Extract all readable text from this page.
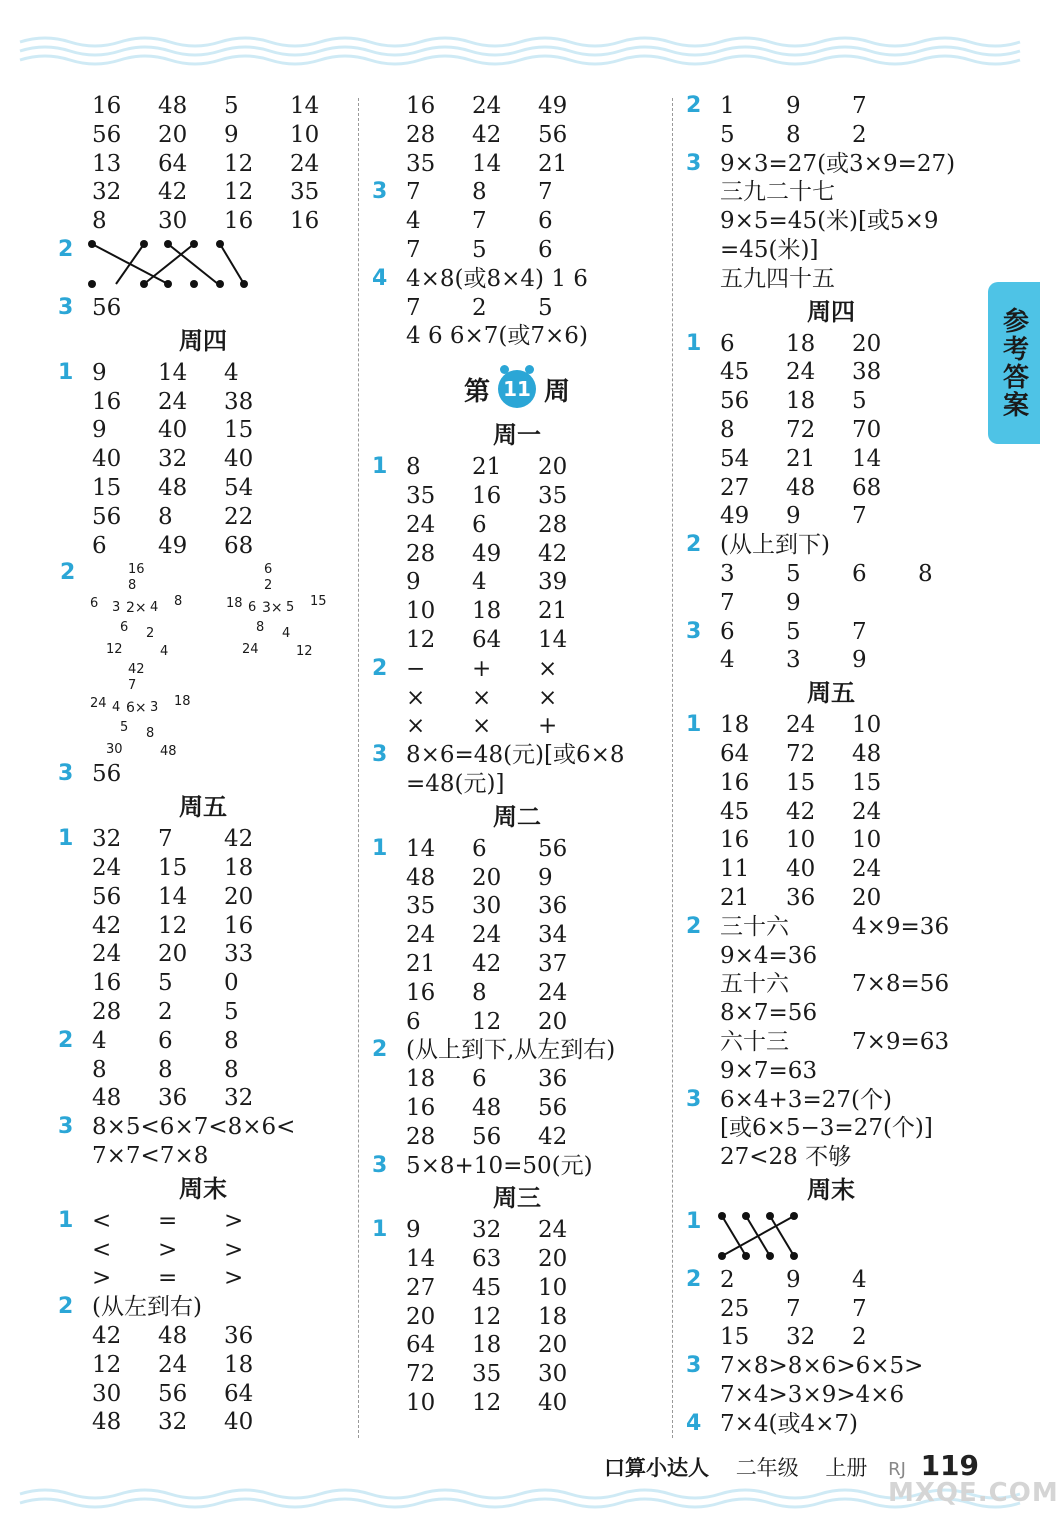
16 48 5 14
56 20 9 10
13 64 12 24
32 42 12 35
8 30 16 16
2
3 56
周四
1 9 14 4
16 24 38
9 40 15
40 32 40
15 48 54
56 8 22
6 49 68
2
2×
16
8
6 3 4 8
6 2
12	4
3×
6
2
18 6 5 15
8 4
24	12
6×
42
7
24 4 3 18
5 8
30	48
3 56
周五
1 32 7 42
24 15 18
56 14 20
42 12 16
24 20 33
16 5 0
28 2 5
2 4 6 8
8 8 8
48 36 32
3 8×5<6×7<8×6<
7×7<7×8
周末
1 < = >
< > >
> = >
2 (从左到右)
42 48 36
12 24 18
30 56 64
48 32 40
16 24 49
28 42 56
35 14 21
3 7 8 7
4 7 6
7 5 6
4 4×8(或8×4) 1 6
7 2 5
4 6 6×7(或7×6)
第 11 周
周一
1 8 21 20
35 16 35
24 6 28
28 49 42
9 4 39
10 18 21
12 64 14
2 − + ×
× × ×
× × +
3 8×6=48(元)[或6×8
=48(元)]
周二
1 14 6 56
48 20 9
35 30 36
24 24 34
21 42 37
16 8 24
6 12 20
2 (从上到下,从左到右)
18 6 36
16 48 56
28 56 42
3 5×8+10=50(元)
周三
1 9 32 24
14 63 20
27 45 10
20 12 18
64 18 20
72 35 30
10 12 40
2 1 9 7
5 8 2
3 9×3=27(或3×9=27)
三九二十七
9×5=45(米)[或5×9
=45(米)]
五九四十五
周四
1 6 18 20
45 24 38
56 18 5
8 72 70
54 21 14
27 48 68
49 9 7
2 (从上到下)
3 5 6 8
7 9
3 6 5 7
4 3 9
周五
1 18 24 10
64 72 48
16 15 15
45 42 24
16 10 10
11 40 24
21 36 20
2 三十六	4×9=36
9×4=36
五十六	7×8=56
8×7=56
六十三	7×9=63
9×7=63
3 6×4+3=27(个)
[或6×5−3=27(个)]
27<28 不够
周末
1
2 2 9 4
25 7 7
15 32 2
3 7×8>8×6>6×5>
7×4>3×9>4×6
4 7×4(或4×7)
参考答案
口算小达人 二年级 上册 RJ 119
MXQE.COM
